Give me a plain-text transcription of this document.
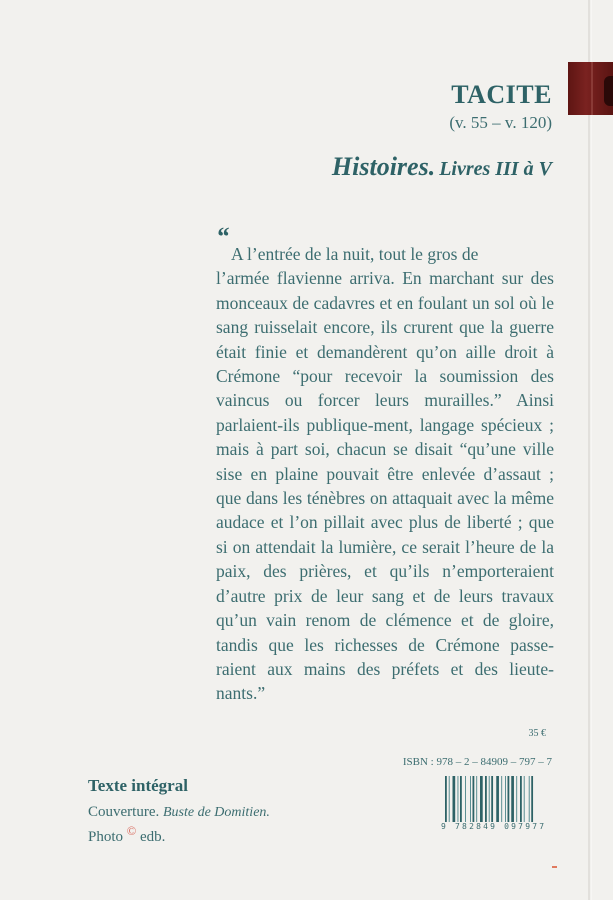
TACITE
(v. 55 – v. 120)
Histoires. Livres III à V
“
A l’entrée de la nuit, tout le gros de
l’armée flavienne arriva. En marchant sur des monceaux de cadavres et en foulant un sol où le sang ruisselait encore, ils crurent que la guerre était finie et demandèrent qu’on aille droit à Crémone “pour recevoir la soumission des vaincus ou forcer leurs murailles.” Ainsi parlaient-ils publique-ment, langage spécieux ; mais à part soi, chacun se disait “qu’une ville sise en plaine pouvait être enlevée d’assaut ; que dans les ténèbres on attaquait avec la même audace et l’on pillait avec plus de liberté ; que si on attendait la lumière, ce serait l’heure de la paix, des prières, et qu’ils n’emporteraient d’autre prix de leur sang et de leurs travaux qu’un vain renom de clémence et de gloire, tandis que les richesses de Crémone passe-raient aux mains des préfets et des lieute-nants.”
35 €
ISBN : 978 – 2 – 84909 – 797 – 7
9 782849 097977
Texte intégral
Couverture. Buste de Domitien.
Photo © edb.
